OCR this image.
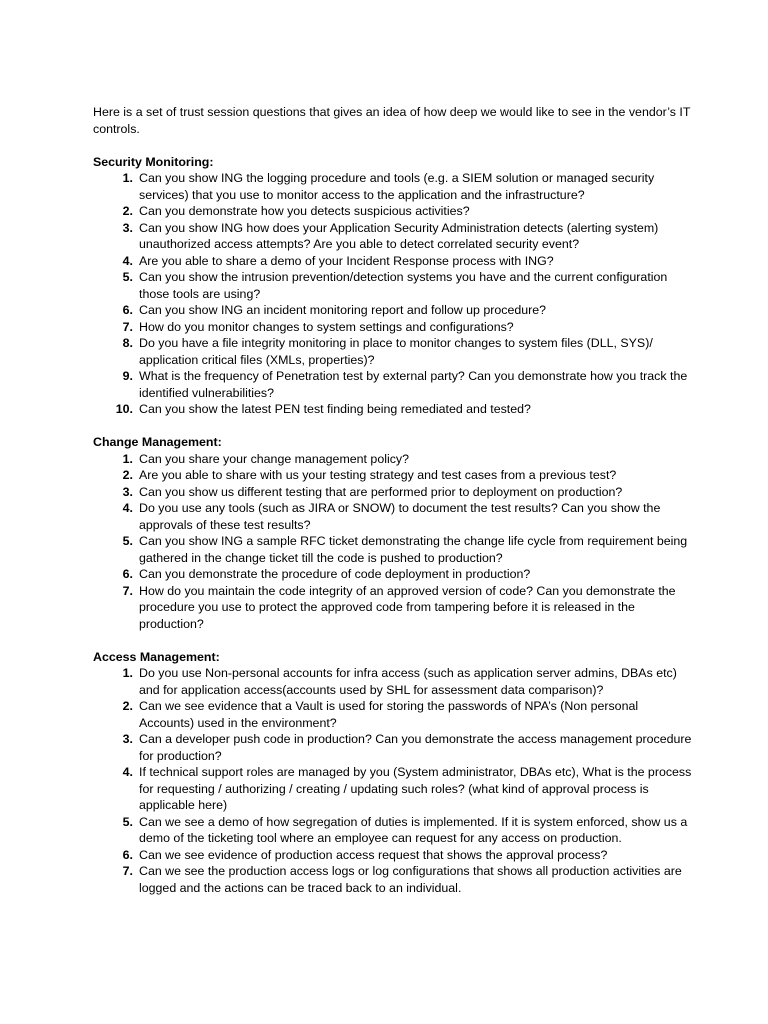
Here is a set of trust session questions that gives an idea of how deep we would like to see in the vendor’s IT controls.

Security Monitoring:

1. Can you show ING the logging procedure and tools (e.g. a SIEM solution or managed security services) that you use to monitor access to the application and the infrastructure?
2. Can you demonstrate how you detects suspicious activities?
3. Can you show ING how does your Application Security Administration detects (alerting system) unauthorized access attempts? Are you able to detect correlated security event?
4. Are you able to share a demo of your Incident Response process with ING?
5. Can you show the intrusion prevention/detection systems you have and the current configuration those tools are using?
6. Can you show ING an incident monitoring report and follow up procedure?
7. How do you monitor changes to system settings and configurations?
8. Do you have a file integrity monitoring in place to monitor changes to system files (DLL, SYS)/ application critical files (XMLs, properties)?
9. What is the frequency of Penetration test by external party? Can you demonstrate how you track the identified vulnerabilities?
10. Can you show the latest PEN test finding being remediated and tested?

Change Management:

1. Can you share your change management policy?
2. Are you able to share with us your testing strategy and test cases from a previous test?
3. Can you show us different testing that are performed prior to deployment on production?
4. Do you use any tools (such as JIRA or SNOW) to document the test results? Can you show the approvals of these test results?
5. Can you show ING a sample RFC ticket demonstrating the change life cycle from requirement being gathered in the change ticket till the code is pushed to production?
6. Can you demonstrate the procedure of code deployment in production?
7. How do you maintain the code integrity of an approved version of code? Can you demonstrate the procedure you use to protect the approved code from tampering before it is released in the production?

Access Management:

1. Do you use Non-personal accounts for infra access (such as application server admins, DBAs etc) and for application access(accounts used by SHL for assessment data comparison)?
2. Can we see evidence that a Vault is used for storing the passwords of NPA’s (Non personal Accounts) used in the environment?
3. Can a developer push code in production? Can you demonstrate the access management procedure for production?
4. If technical support roles are managed by you (System administrator, DBAs etc), What is the process for requesting / authorizing / creating / updating such roles? (what kind of approval process is applicable here)
5. Can we see a demo of how segregation of duties is implemented. If it is system enforced, show us a demo of the ticketing tool where an employee can request for any access on production.
6. Can we see evidence of production access request that shows the approval process?
7. Can we see the production access logs or log configurations that shows all production activities are logged and the actions can be traced back to an individual.
